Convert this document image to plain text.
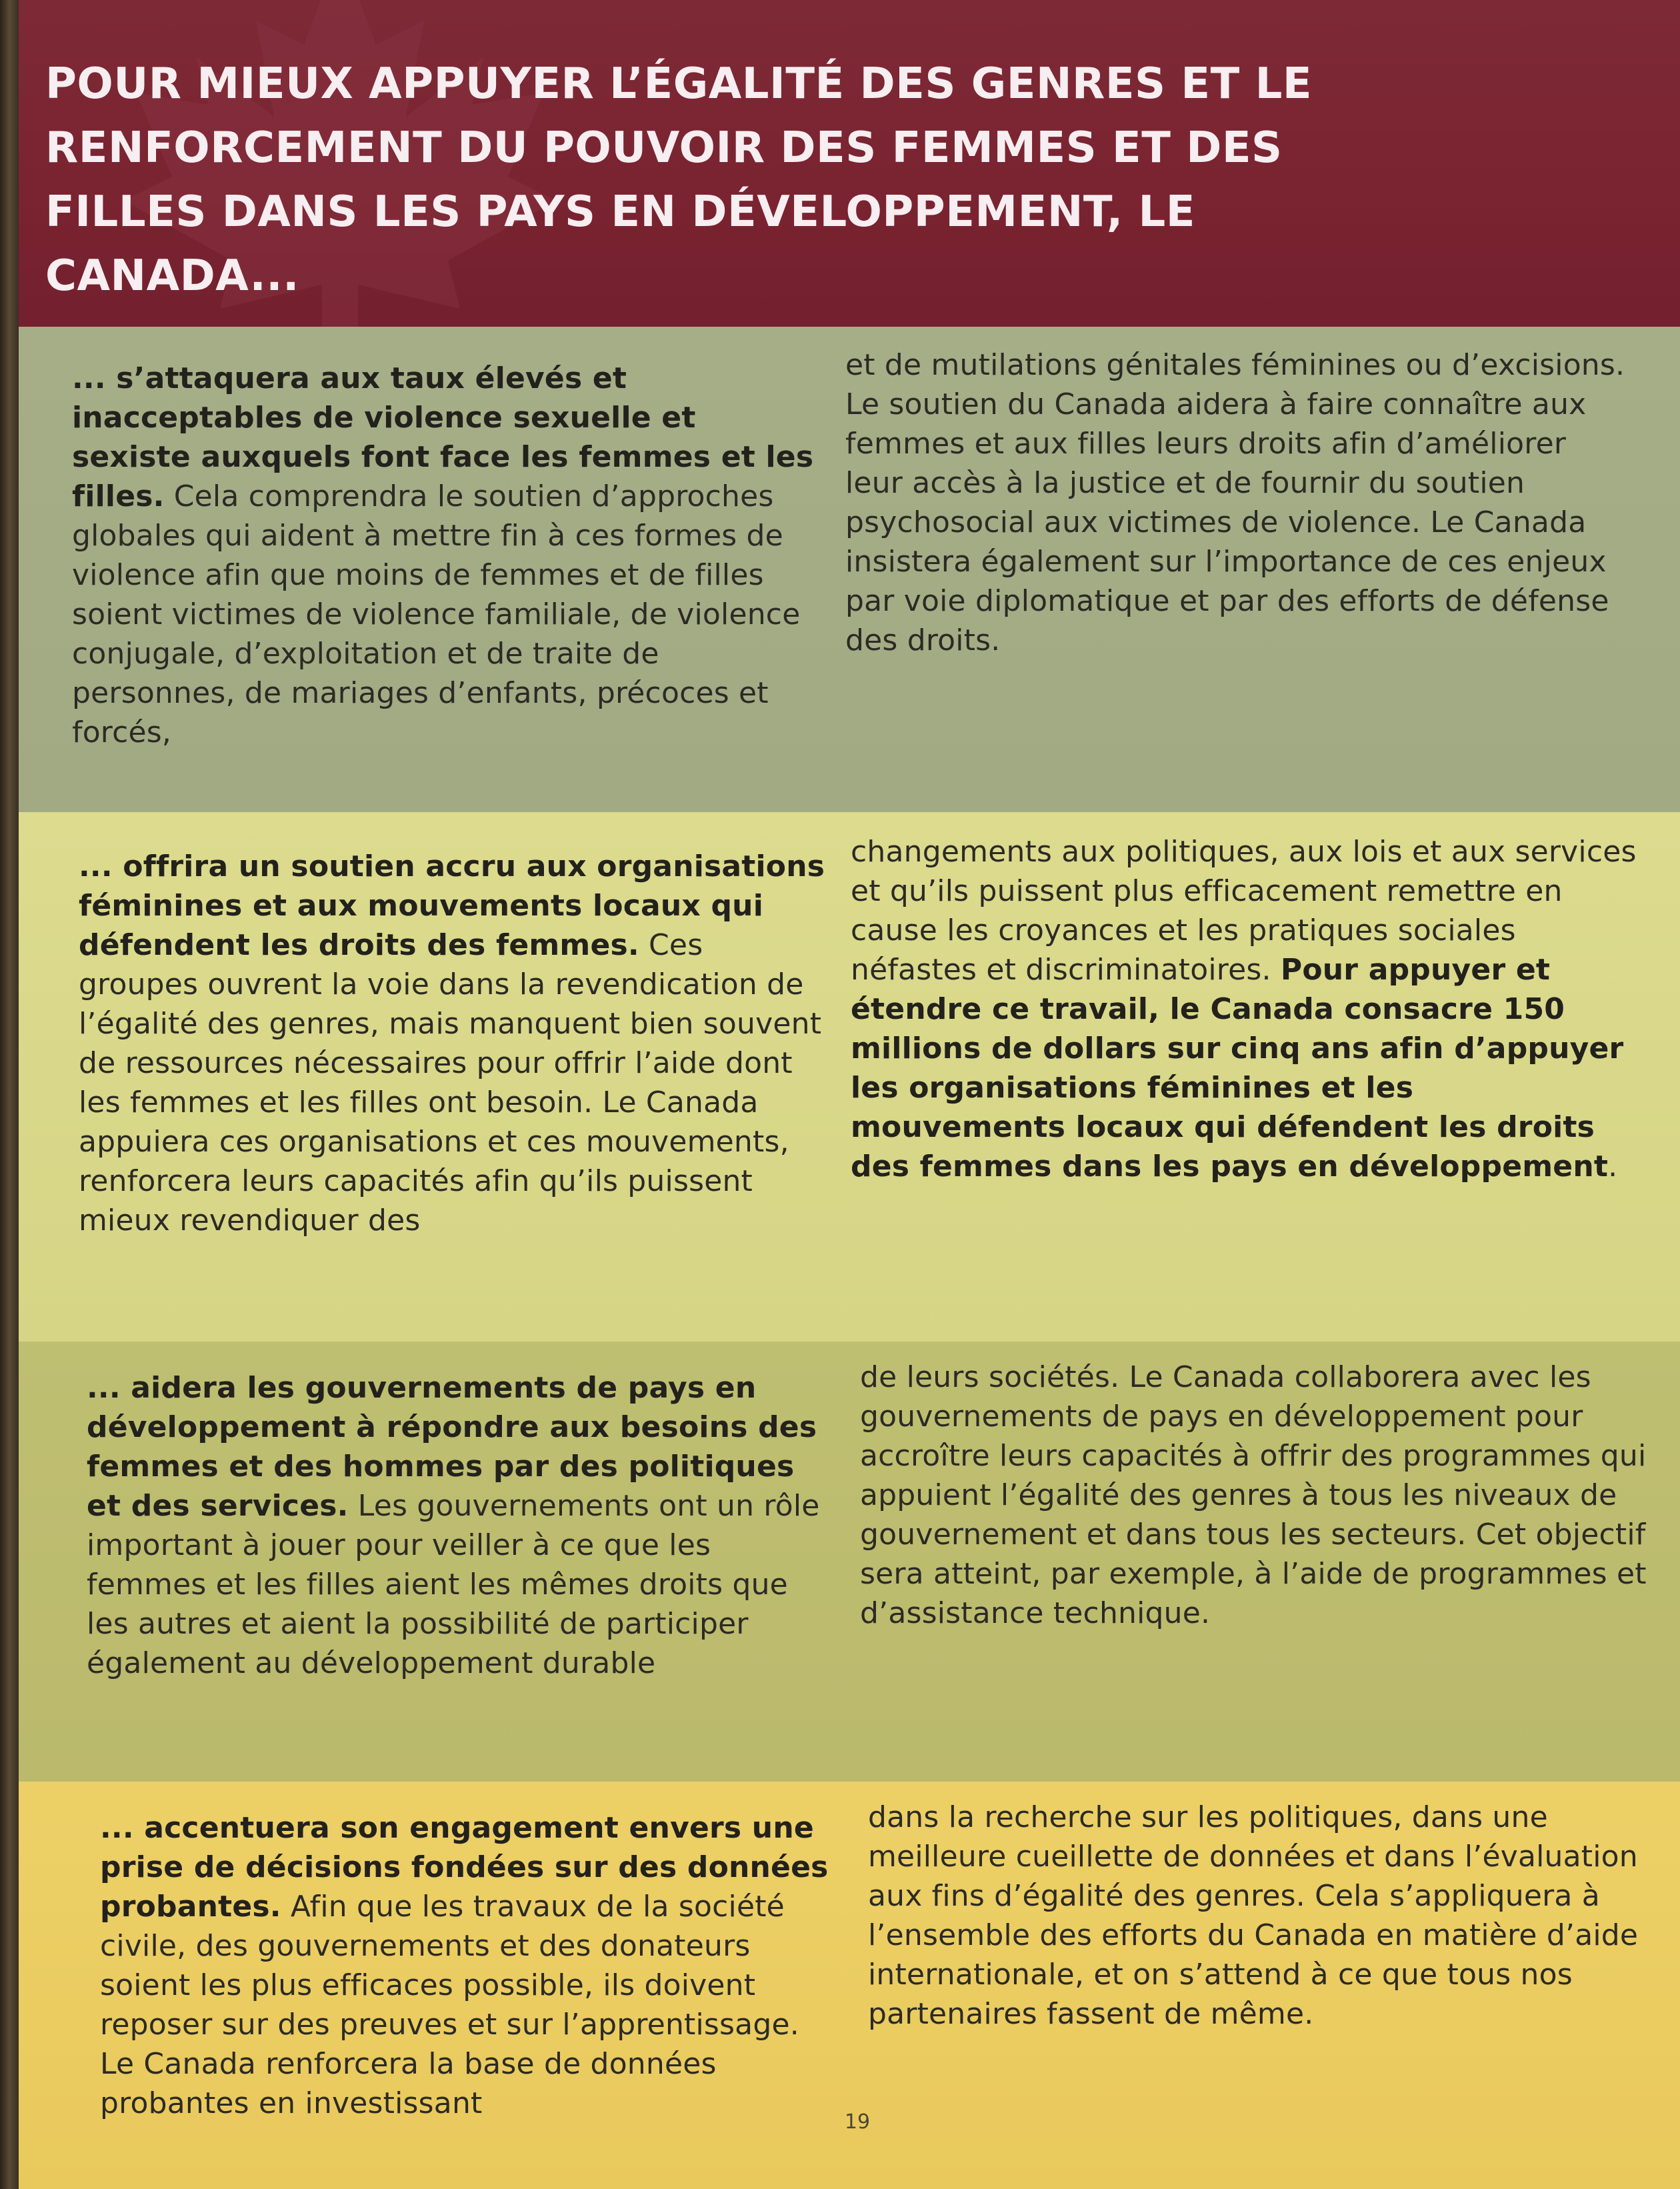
POUR MIEUX APPUYER L’ÉGALITÉ DES GENRES ET LE RENFORCEMENT DU POUVOIR DES FEMMES ET DES FILLES DANS LES PAYS EN DÉVELOPPEMENT, LE CANADA...

... s’attaquera aux taux élevés et inacceptables de violence sexuelle et sexiste auxquels font face les femmes et les filles. Cela comprendra le soutien d’approches globales qui aident à mettre fin à ces formes de violence afin que moins de femmes et de filles soient victimes de violence familiale, de violence conjugale, d’exploitation et de traite de personnes, de mariages d’enfants, précoces et forcés,

et de mutilations génitales féminines ou d’excisions. Le soutien du Canada aidera à faire connaître aux femmes et aux filles leurs droits afin d’améliorer leur accès à la justice et de fournir du soutien psychosocial aux victimes de violence. Le Canada insistera également sur l’importance de ces enjeux par voie diplomatique et par des efforts de défense des droits.

... offrira un soutien accru aux organisations féminines et aux mouvements locaux qui défendent les droits des femmes. Ces groupes ouvrent la voie dans la revendication de l’égalité des genres, mais manquent bien souvent de ressources nécessaires pour offrir l’aide dont les femmes et les filles ont besoin. Le Canada appuiera ces organisations et ces mouvements, renforcera leurs capacités afin qu’ils puissent mieux revendiquer des

changements aux politiques, aux lois et aux services et qu’ils puissent plus efficacement remettre en cause les croyances et les pratiques sociales néfastes et discriminatoires. Pour appuyer et étendre ce travail, le Canada consacre 150 millions de dollars sur cinq ans afin d’appuyer les organisations féminines et les mouvements locaux qui défendent les droits des femmes dans les pays en développement.

... aidera les gouvernements de pays en développement à répondre aux besoins des femmes et des hommes par des politiques et des services. Les gouvernements ont un rôle important à jouer pour veiller à ce que les femmes et les filles aient les mêmes droits que les autres et aient la possibilité de participer également au développement durable

de leurs sociétés. Le Canada collaborera avec les gouvernements de pays en développement pour accroître leurs capacités à offrir des programmes qui appuient l’égalité des genres à tous les niveaux de gouvernement et dans tous les secteurs. Cet objectif sera atteint, par exemple, à l’aide de programmes et d’assistance technique.

... accentuera son engagement envers une prise de décisions fondées sur des données probantes. Afin que les travaux de la société civile, des gouvernements et des donateurs soient les plus efficaces possible, ils doivent reposer sur des preuves et sur l’apprentissage. Le Canada renforcera la base de données probantes en investissant

dans la recherche sur les politiques, dans une meilleure cueillette de données et dans l’évaluation aux fins d’égalité des genres. Cela s’appliquera à l’ensemble des efforts du Canada en matière d’aide internationale, et on s’attend à ce que tous nos partenaires fassent de même.

19
